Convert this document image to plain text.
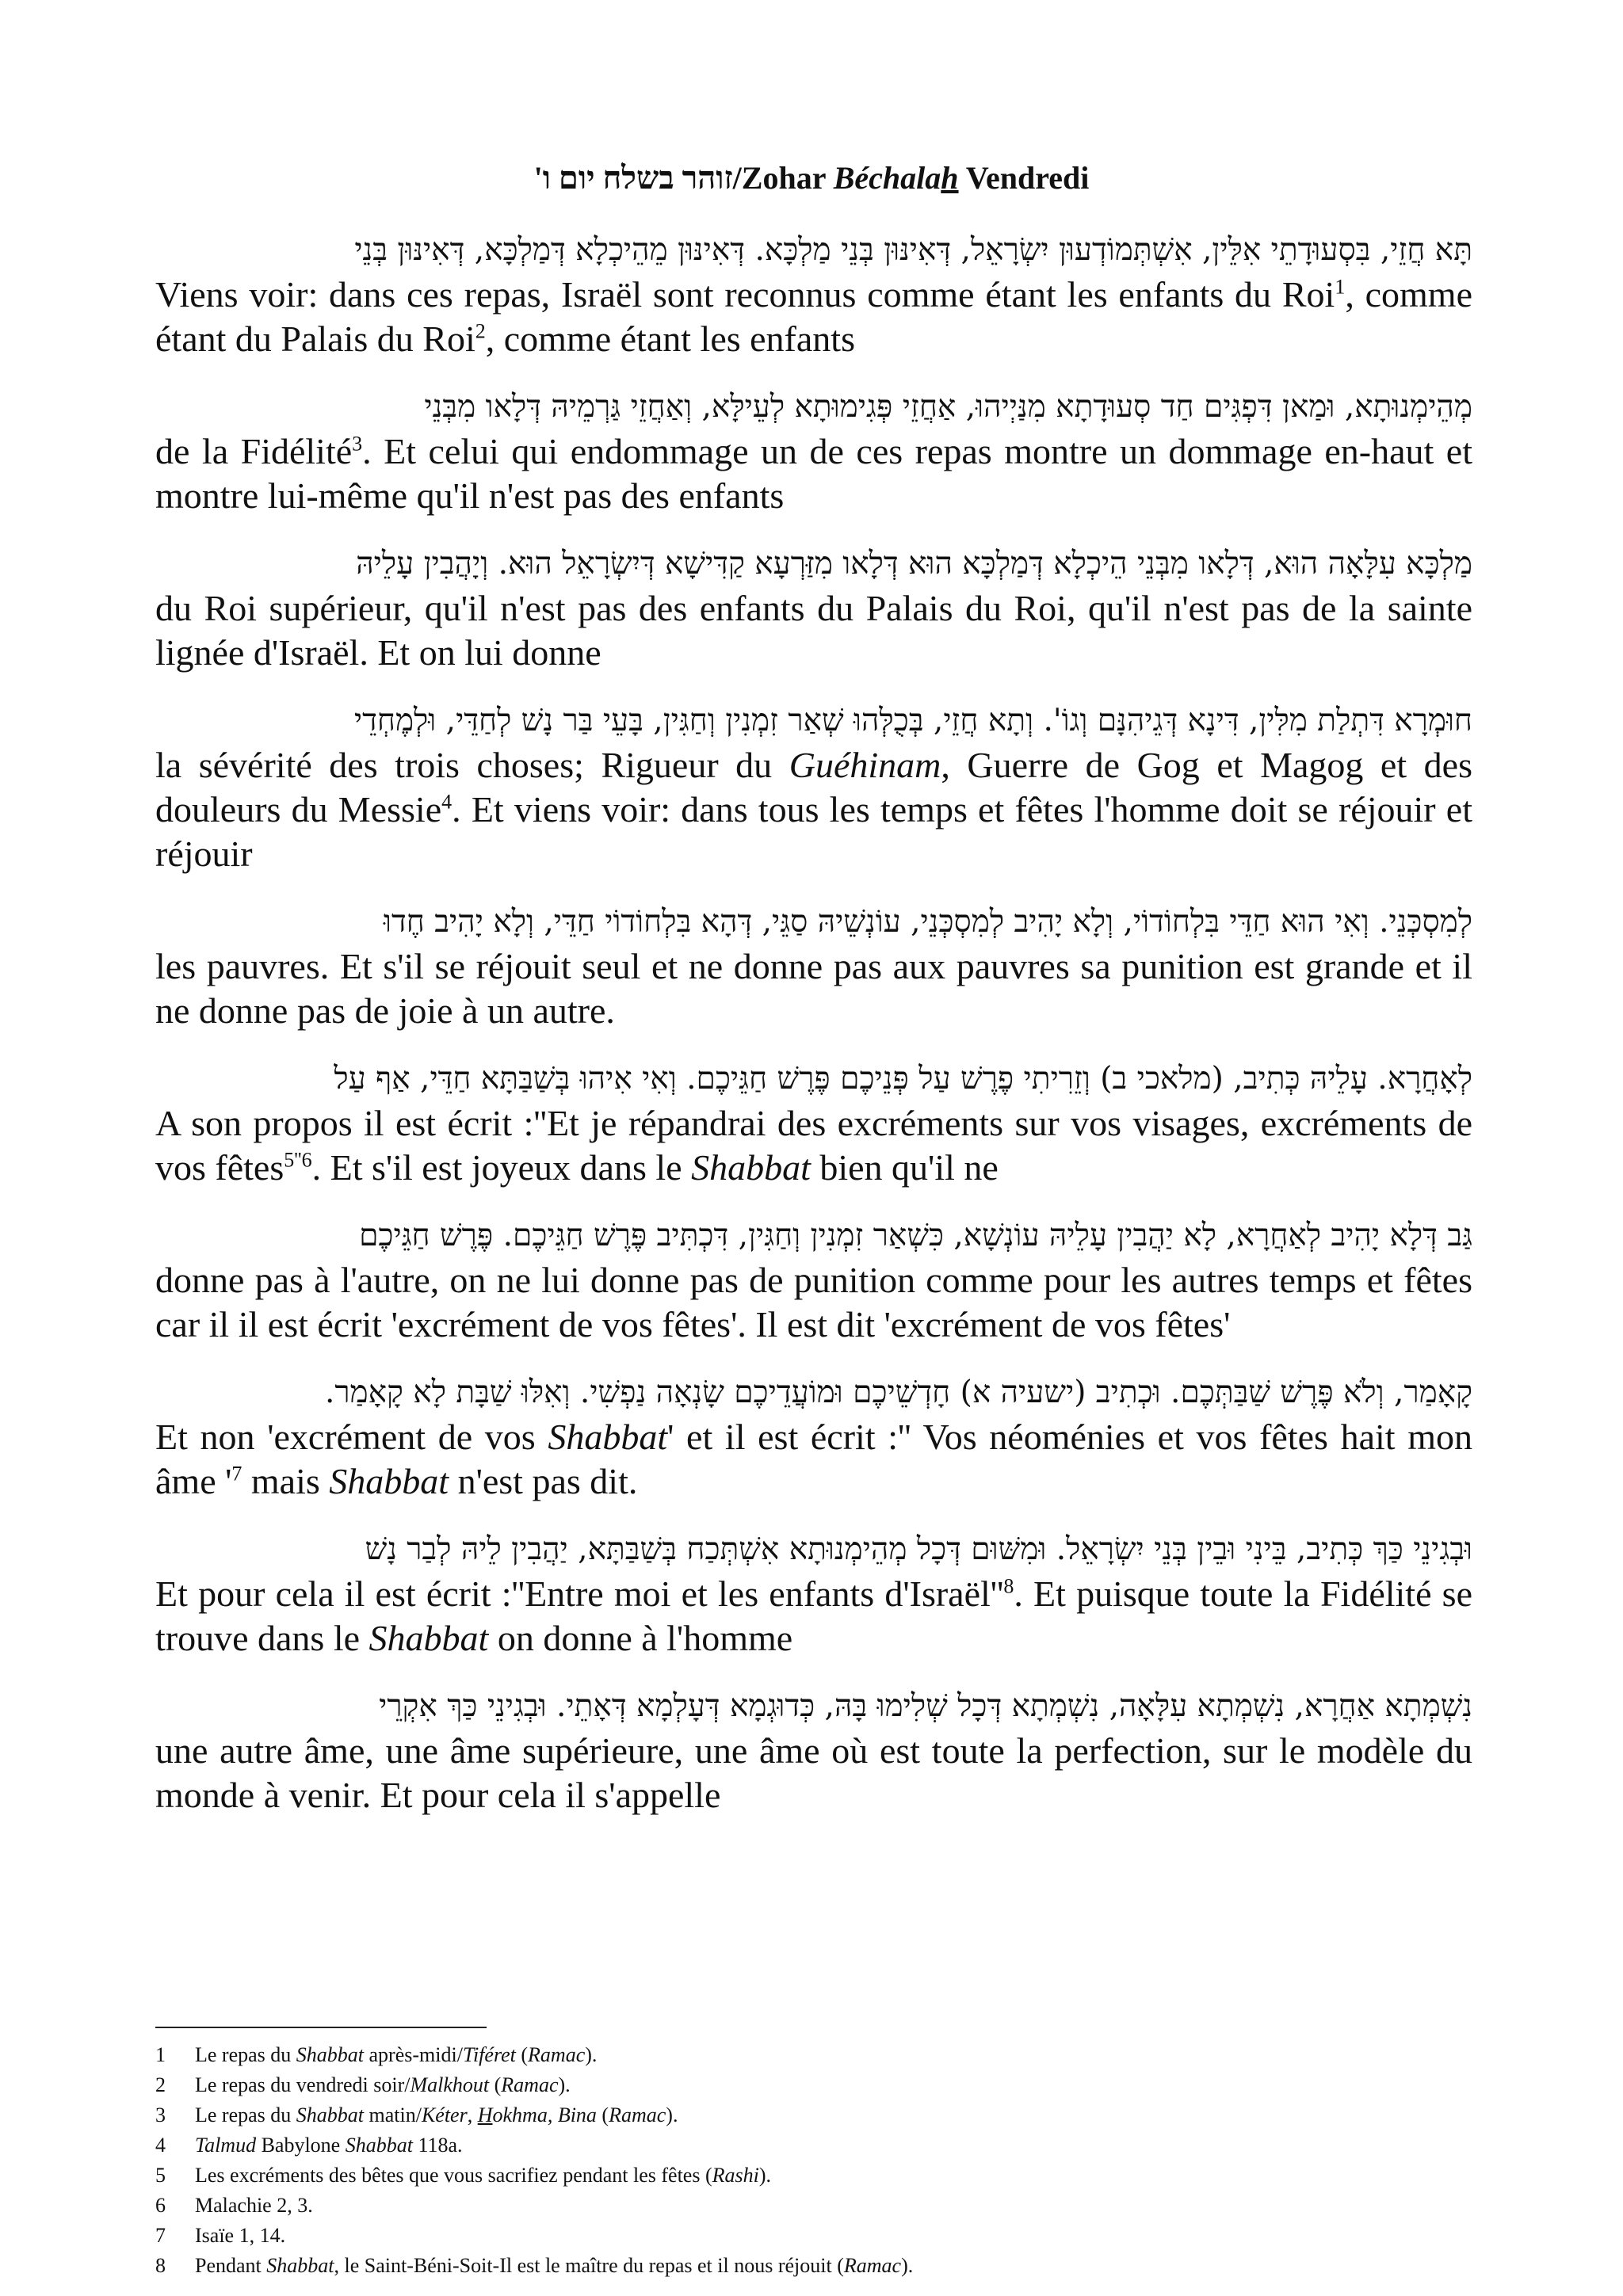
זוהר בשלח יום ו'/Zohar Béchalah Vendredi
תָּא חֲזֵי, בִּסְעוּדָתֵי אִלֵּין, אִשְׁתְּמוֹדְעוּן יִשְׂרָאֵל, דְּאִינּוּן בְּנֵי מַלְכָּא. דְּאִינּוּן מֵהֵיכְלָא דְּמַלְכָּא, דְּאִינּוּן בְּנֵי
Viens voir: dans ces repas, Israël sont reconnus comme étant les enfants du Roi$^1$, comme étant du Palais du Roi$^2$, comme étant les enfants
מְהֵימְנוּתָא, וּמַאן דִּפְגִּים חַד סְעוּדָתָא מִנַּיְיהוּ, אַחֲזֵי פְּגִימוּתָא לְעֵילָּא, וְאַחֲזֵי גַּרְמֵיהּ דְּלָאו מִבְּנֵי
de la Fidélité$^3$. Et celui qui endommage un de ces repas montre un dommage en-haut et montre lui-même qu'il n'est pas des enfants
מַלְכָּא עִלָּאָה הוּא, דְּלָאו מִבְּנֵי הֵיכְלָא דְּמַלְכָּא הוּא דְּלָאו מִזַּרְעָא קַדִּישָׁא דְּיִשְׂרָאֵל הוּא. וְיָהֲבִין עָלֵיהּ
du Roi supérieur, qu'il n'est pas des enfants du Palais du Roi, qu'il n'est pas de la sainte lignée d'Israël. Et on lui donne
חוּמְרָא דִּתְלַת מִלִּין, דִּינָא דְּגֵיהִנָּם וְגוֹ'. וְתָא חֲזֵי, בְּכֻלְּהוּ שְׁאַר זִמְנִין וְחַגִּין, בָּעֵי בַּר נָשׁ לְחַדֵּי, וּלְמֶחְדֵי
la sévérité des trois choses; Rigueur du Guéhinam, Guerre de Gog et Magog et des douleurs du Messie$^4$. Et viens voir: dans tous les temps et fêtes l'homme doit se réjouir et réjouir
לְמִסְכְּנֵי. וְאִי הוּא חַדֵּי בִּלְחוֹדוֹי, וְלָא יָהִיב לְמִסְכְּנֵי, עוֹנְשֵׁיהּ סַגֵּי, דְּהָא בִּלְחוֹדוֹי חַדֵּי, וְלָא יָהִיב חֶדוּ
les pauvres. Et s'il se réjouit seul et ne donne pas aux pauvres sa punition est grande et il ne donne pas de joie à un autre.
לְאָחֲרָא. עָלֵיהּ כְּתִיב, (מלאכי ב) וְזֵרִיתִי פֶרֶשׁ עַל פְּנֵיכֶם פֶּרֶשׁ חַגֵּיכֶם. וְאִי אִיהוּ בְּשַׁבַּתָּא חַדֵּי, אַף עַל
A son propos il est écrit :''Et je répandrai des excréments sur vos visages, excréments de vos fêtes$^{5''6}$. Et s'il est joyeux dans le Shabbat bien qu'il ne
גַּב דְּלָא יָהִיב לְאַחֲרָא, לָא יַהֲבִין עָלֵיהּ עוֹנְשָׁא, כִּשְׁאַר זִמְנִין וְחַגִּין, דִּכְתִּיב פֶּרֶשׁ חַגֵּיכֶם. פֶּרֶשׁ חַגֵּיכֶם
donne pas à l'autre, on ne lui donne pas de punition comme pour les autres temps et fêtes car il il est écrit 'excrément de vos fêtes'. Il est dit 'excrément de vos fêtes'
קָאָמַר, וְלֹא פֶּרֶשׁ שַׁבַּתְּכֶם. וּכְתִיב (ישעיה א) חָדְשֵׁיכֶם וּמוֹעֲדֵיכֶם שָׂנְאָה נַפְשִׁי. וְאִלּוּ שַׁבָּת לָא קָאָמַר.
Et non 'excrément de vos Shabbat' et il est écrit :'' Vos néoménies et vos fêtes hait mon âme '$^7$ mais Shabbat n'est pas dit.
וּבְגִינֵי כַּךְ כְּתִיב, בֵּינִי וּבֵין בְּנֵי יִשְׂרָאֵל. וּמִשּׁוּם דְּכָל מְהֵימְנוּתָא אִשְׁתְּכַח בְּשַׁבַּתָּא, יַהֲבִין לֵיהּ לְבַר נָשׁ
Et pour cela il est écrit :''Entre moi et les enfants $d'Israël''^8$. Et puisque toute la Fidélité se trouve dans le Shabbat on donne à l'homme
נִשְׁמְתָא אַחֲרָא, נִשְׁמְתָא עִלָּאָה, נִשְׁמְתָא דְּכָל שְׁלִימוּ בָּהּ, כְּדוּגְמָא דְּעָלְמָא דְּאָתֵי. וּבְגִינֵי כַּךְ אִקְרֵי
une autre âme, une âme supérieure, une âme où est toute la perfection, sur le modèle du monde à venir. Et pour cela il s'appelle
1 Le repas du Shabbat après-midi/Tiféret (Ramac).
2 Le repas du vendredi soir/Malkhout (Ramac).
3 Le repas du Shabbat matin/Kéter, Hokhma, Bina (Ramac).
4 Talmud Babylone Shabbat 118a.
5 Les excréments des bêtes que vous sacrifiez pendant les fêtes (Rashi).
6 Malachie 2, 3.
7 Isaïe 1, 14.
8 Pendant Shabbat, le Saint-Béni-Soit-Il est le maître du repas et il nous réjouit (Ramac).
